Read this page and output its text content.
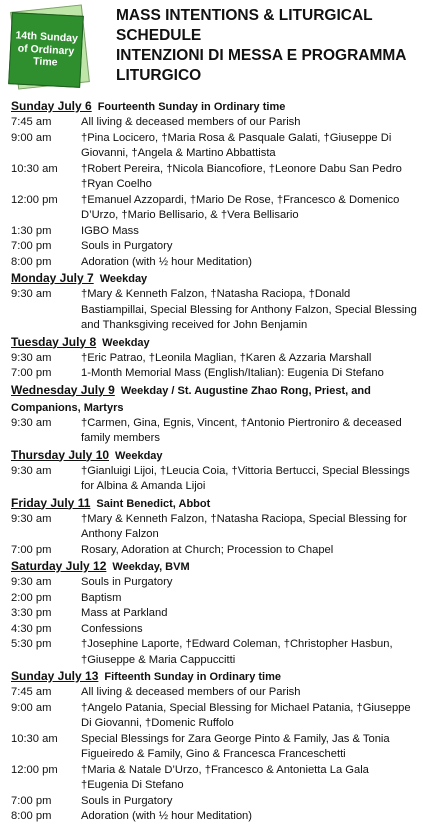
14th Sunday of Ordinary Time
MASS INTENTIONS & LITURGICAL
SCHEDULE
INTENZIONI DI MESSA E PROGRAMMA
LITURGICO
Sunday July 6 Fourteenth Sunday in Ordinary time
7:45 am	All living & deceased members of our Parish
9:00 am	†Pina Locicero, †Maria Rosa & Pasquale Galati, †Giuseppe Di Giovanni, †Angela & Martino Abbattista
10:30 am	†Robert Pereira, †Nicola Biancofiore, †Leonore Dabu San Pedro †Ryan Coelho
12:00 pm	†Emanuel Azzopardi, †Mario De Rose, †Francesco & Domenico D’Urzo, †Mario Bellisario, & †Vera Bellisario
1:30 pm	IGBO Mass
7:00 pm	Souls in Purgatory
8:00 pm	Adoration (with ½ hour Meditation)
Monday July 7 Weekday
9:30 am	†Mary & Kenneth Falzon, †Natasha Raciopa, †Donald Bastiampillai, Special Blessing for Anthony Falzon, Special Blessing and Thanksgiving received for John Benjamin
Tuesday July 8 Weekday
9:30 am	†Eric Patrao, †Leonila Maglian, †Karen & Azzaria Marshall
7:00 pm	1-Month Memorial Mass (English/Italian): Eugenia Di Stefano
Wednesday July 9 Weekday / St. Augustine Zhao Rong, Priest, and Companions, Martyrs
9:30 am	†Carmen, Gina, Egnis, Vincent, †Antonio Piertroniro & deceased family members
Thursday July 10 Weekday
9:30 am	†Gianluigi Lijoi, †Leucia Coia, †Vittoria Bertucci, Special Blessings for Albina & Amanda Lijoi
Friday July 11 Saint Benedict, Abbot
9:30 am	†Mary & Kenneth Falzon, †Natasha Raciopa, Special Blessing for Anthony Falzon
7:00 pm	Rosary, Adoration at Church; Procession to Chapel
Saturday July 12 Weekday, BVM
9:30 am	Souls in Purgatory
2:00 pm	Baptism
3:30 pm	Mass at Parkland
4:30 pm	Confessions
5:30 pm	†Josephine Laporte, †Edward Coleman, †Christopher Hasbun, †Giuseppe & Maria Cappuccitti
Sunday July 13 Fifteenth Sunday in Ordinary time
7:45 am	All living & deceased members of our Parish
9:00 am	†Angelo Patania, Special Blessing for Michael Patania, †Giuseppe Di Giovanni, †Domenic Ruffolo
10:30 am	Special Blessings for Zara George Pinto & Family, Jas & Tonia Figueiredo & Family, Gino & Francesca Franceschetti
12:00 pm	†Maria & Natale D’Urzo, †Francesco & Antonietta La Gala †Eugenia Di Stefano
7:00 pm	Souls in Purgatory
8:00 pm	Adoration (with ½ hour Meditation)
